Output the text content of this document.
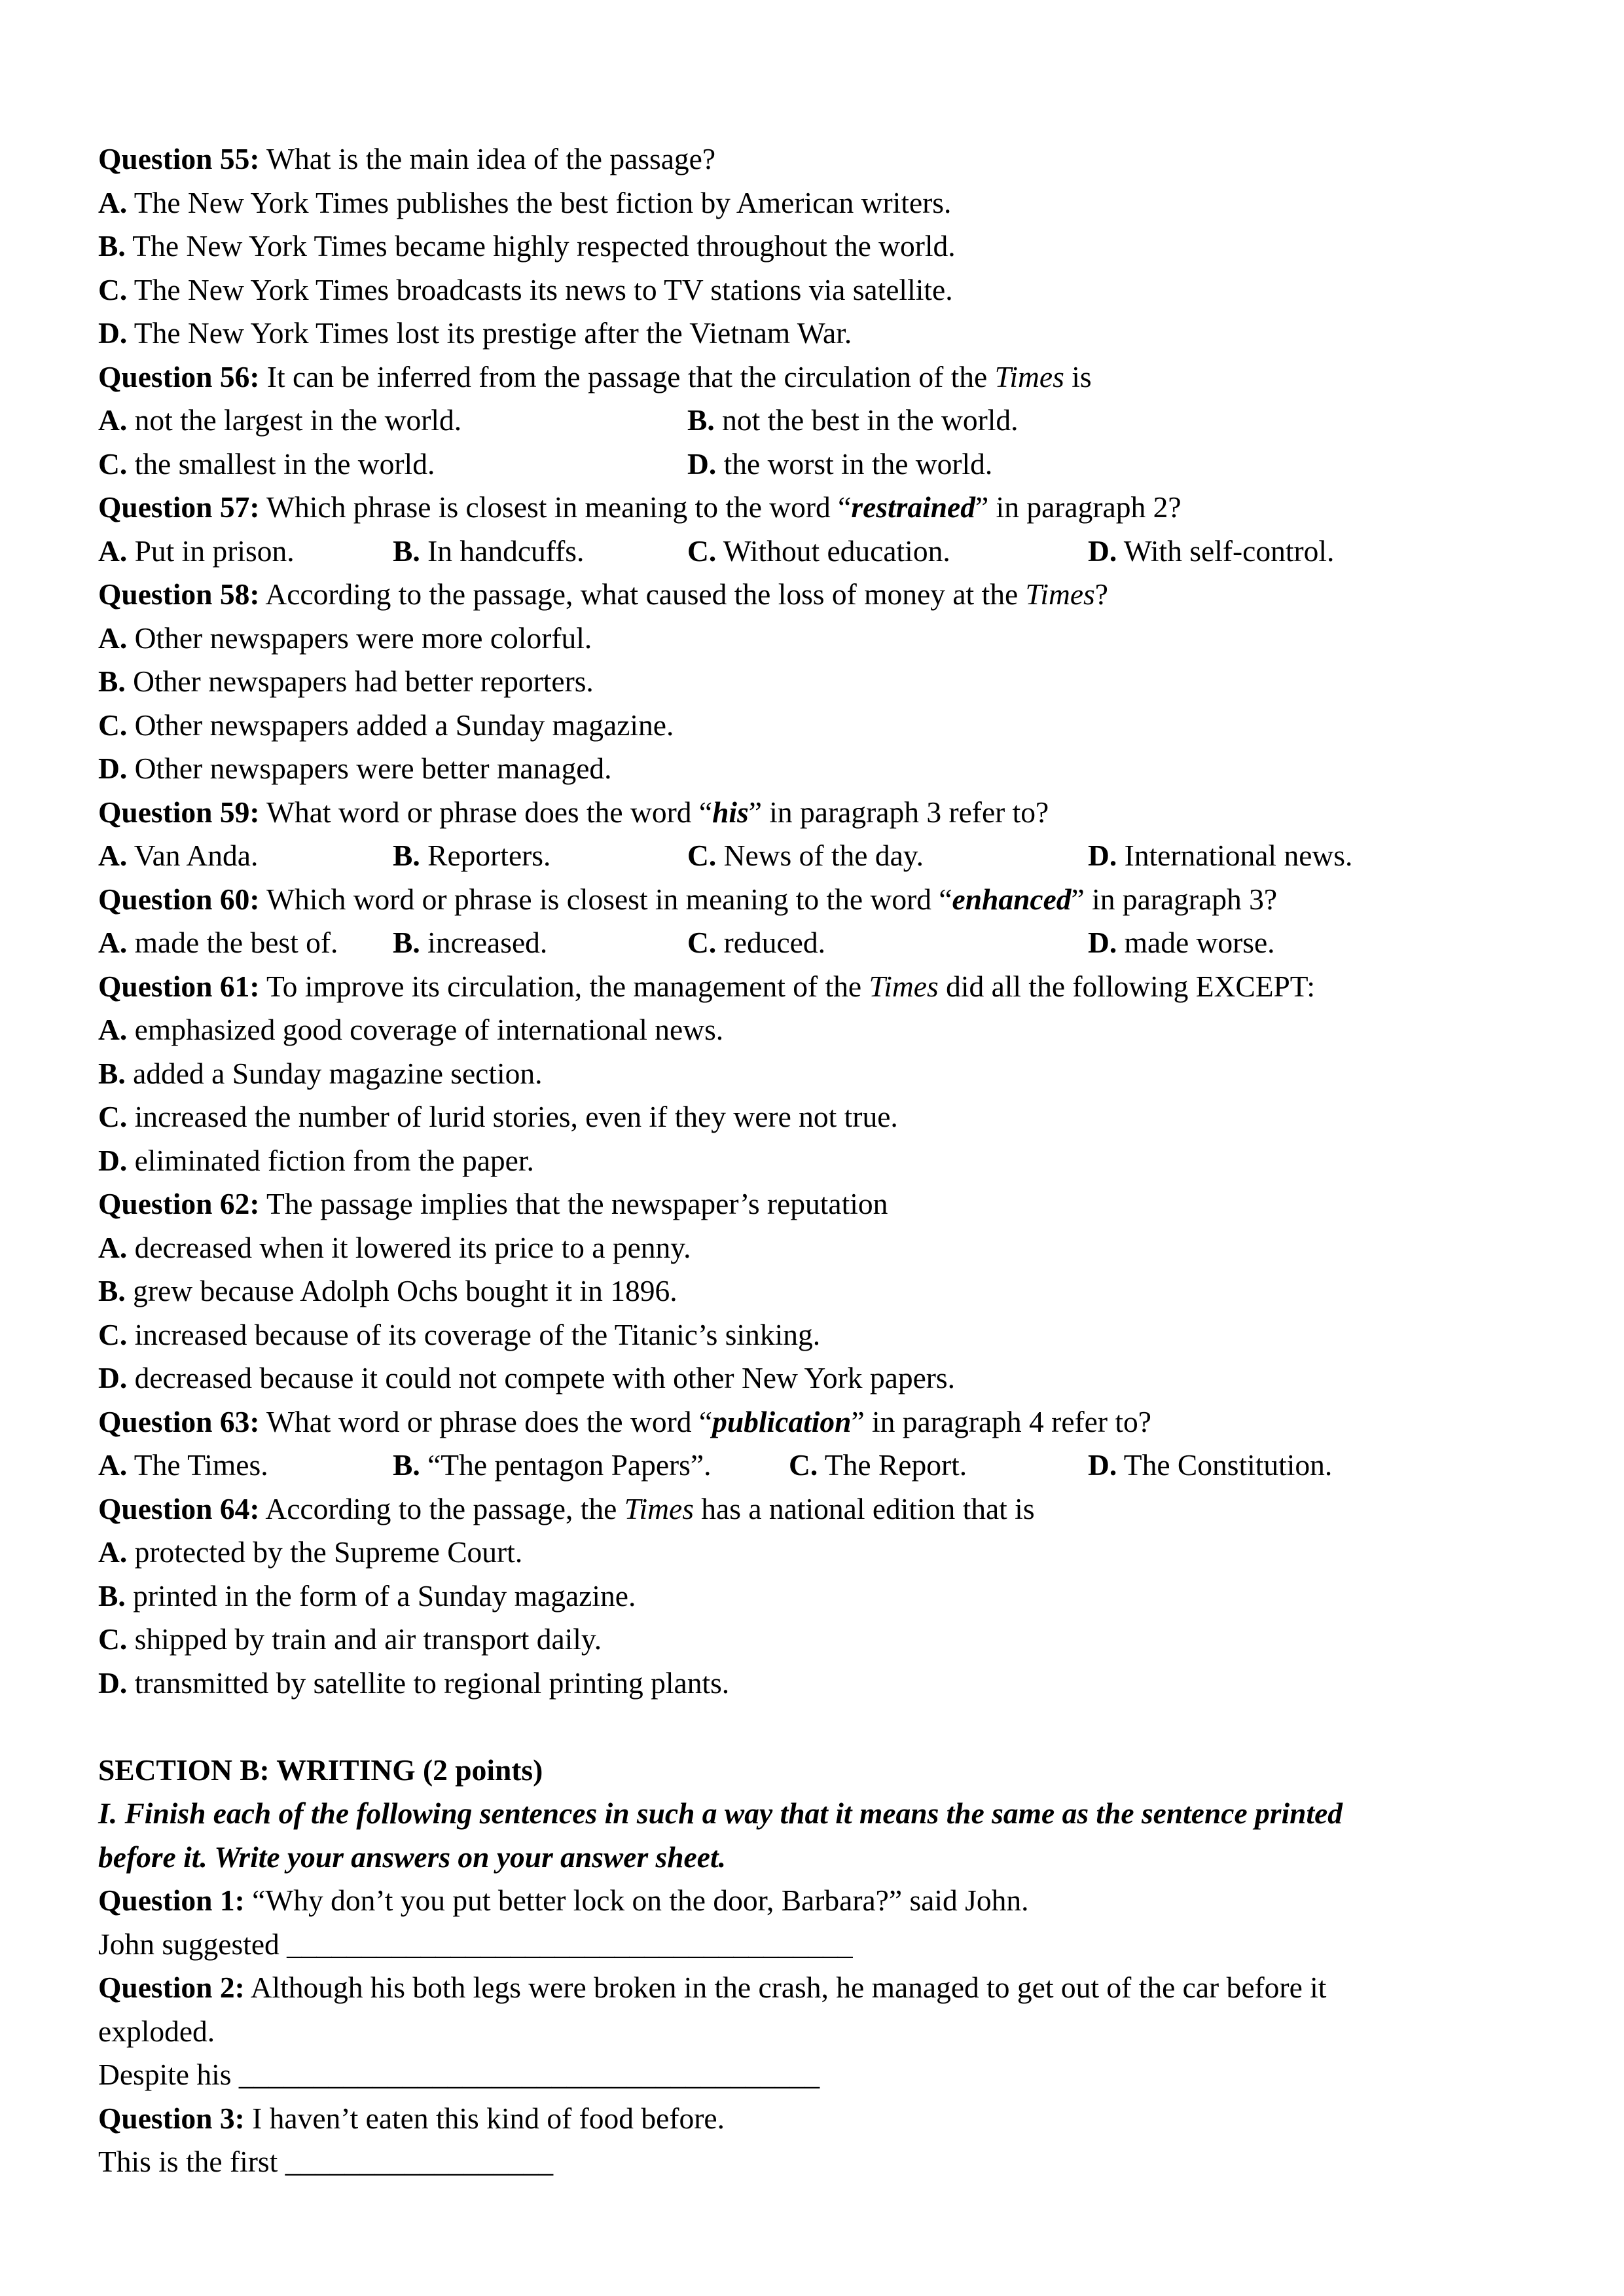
Question 55: What is the main idea of the passage?
A. The New York Times publishes the best fiction by American writers.
B. The New York Times became highly respected throughout the world.
C. The New York Times broadcasts its news to TV stations via satellite.
D. The New York Times lost its prestige after the Vietnam War.
Question 56: It can be inferred from the passage that the circulation of the Times is
A. not the largest in the world.	B. not the best in the world.
C. the smallest in the world.	D. the worst in the world.
Question 57: Which phrase is closest in meaning to the word “restrained” in paragraph 2?
A. Put in prison.	B. In handcuffs.	C. Without education.	D. With self-control.
Question 58: According to the passage, what caused the loss of money at the Times?
A. Other newspapers were more colorful.
B. Other newspapers had better reporters.
C. Other newspapers added a Sunday magazine.
D. Other newspapers were better managed.
Question 59: What word or phrase does the word “his” in paragraph 3 refer to?
A. Van Anda.	B. Reporters.	C. News of the day.	D. International news.
Question 60: Which word or phrase is closest in meaning to the word “enhanced” in paragraph 3?
A. made the best of. B. increased.	C. reduced.	D. made worse.
Question 61: To improve its circulation, the management of the Times did all the following EXCEPT:
A. emphasized good coverage of international news.
B. added a Sunday magazine section.
C. increased the number of lurid stories, even if they were not true.
D. eliminated fiction from the paper.
Question 62: The passage implies that the newspaper’s reputation
A. decreased when it lowered its price to a penny.
B. grew because Adolph Ochs bought it in 1896.
C. increased because of its coverage of the Titanic’s sinking.
D. decreased because it could not compete with other New York papers.
Question 63: What word or phrase does the word “publication” in paragraph 4 refer to?
A. The Times.	B. “The pentagon Papers”.	C. The Report.	D. The Constitution.
Question 64: According to the passage, the Times has a national edition that is
A. protected by the Supreme Court.
B. printed in the form of a Sunday magazine.
C. shipped by train and air transport daily.
D. transmitted by satellite to regional printing plants.
SECTION B: WRITING (2 points)
I. Finish each of the following sentences in such a way that it means the same as the sentence printed
before it. Write your answers on your answer sheet.
Question 1: “Why don’t you put better lock on the door, Barbara?” said John.
John suggested ______________________________________
Question 2: Although his both legs were broken in the crash, he managed to get out of the car before it
exploded.
Despite his _______________________________________
Question 3: I haven’t eaten this kind of food before.
This is the first __________________
